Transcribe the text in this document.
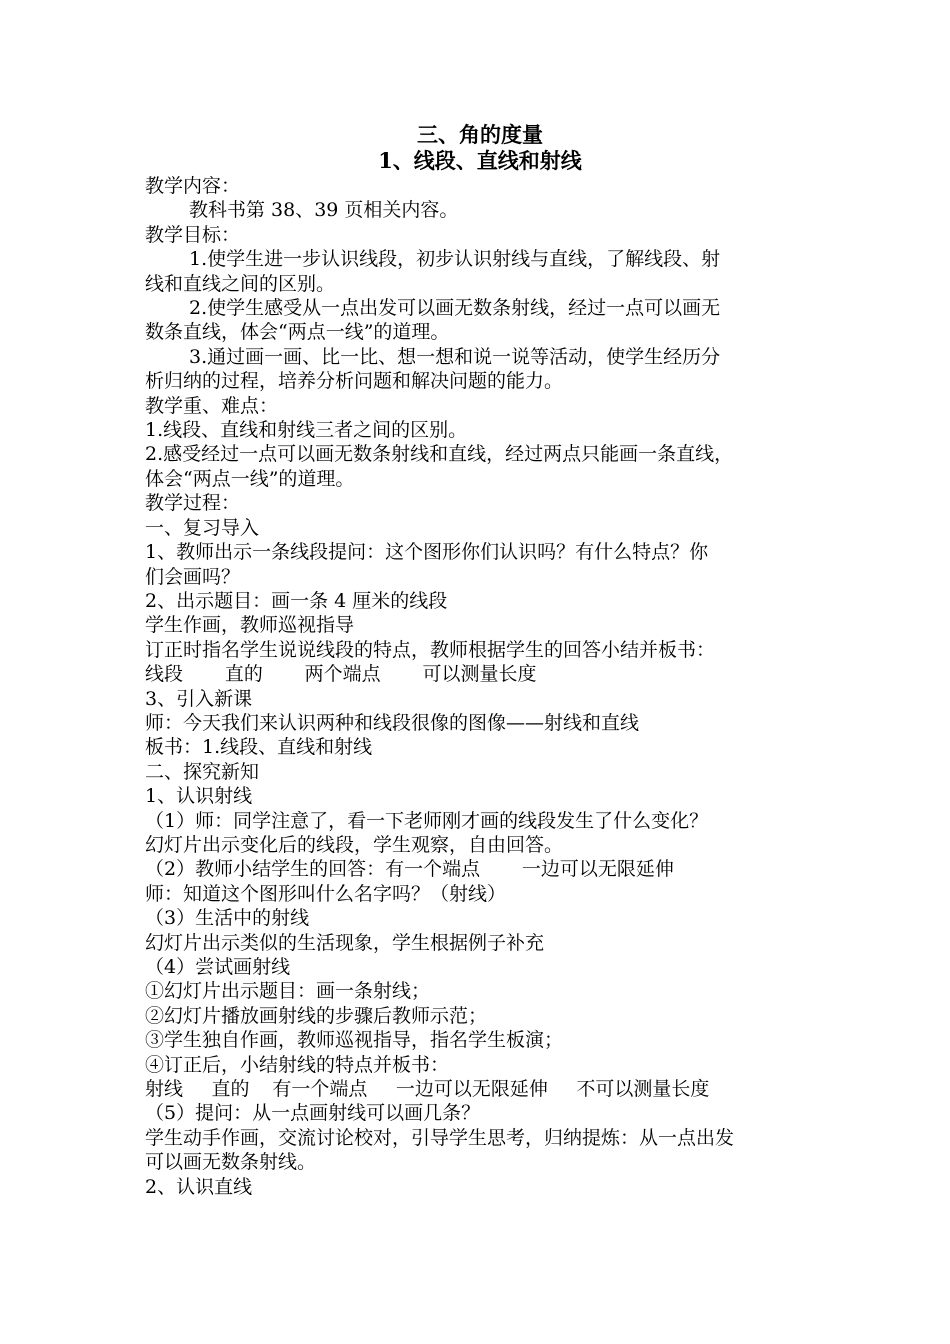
三、角的度量
1、线段、直线和射线

教学内容：

教科书第 38、39 页相关内容。

教学目标：

1.使学生进一步认识线段，初步认识射线与直线，了解线段、射

线和直线之间的区别。

2.使学生感受从一点出发可以画无数条射线，经过一点可以画无

数条直线，体会“两点一线”的道理。

3.通过画一画、比一比、想一想和说一说等活动，使学生经历分

析归纳的过程，培养分析问题和解决问题的能力。

教学重、难点：

1.线段、直线和射线三者之间的区别。

2.感受经过一点可以画无数条射线和直线，经过两点只能画一条直线，

体会“两点一线”的道理。

教学过程：

一、复习导入

1、教师出示一条线段提问：这个图形你们认识吗？有什么特点？你

们会画吗？

2、出示题目：画一条 4 厘米的线段

学生作画，教师巡视指导

订正时指名学生说说线段的特点，教师根据学生的回答小结并板书：

线段 直的 两个端点 可以测量长度

3、引入新课

师：今天我们来认识两种和线段很像的图像——射线和直线

板书：1.线段、直线和射线

二、探究新知

1、认识射线

（1）师：同学注意了，看一下老师刚才画的线段发生了什么变化？

幻灯片出示变化后的线段，学生观察，自由回答。

（2）教师小结学生的回答：有一个端点 一边可以无限延伸

师：知道这个图形叫什么名字吗？（射线）

（3）生活中的射线

幻灯片出示类似的生活现象，学生根据例子补充

（4）尝试画射线

①幻灯片出示题目：画一条射线；

②幻灯片播放画射线的步骤后教师示范；

③学生独自作画，教师巡视指导，指名学生板演；

④订正后，小结射线的特点并板书：

射线 直的 有一个端点 一边可以无限延伸 不可以测量长度

（5）提问：从一点画射线可以画几条？

学生动手作画，交流讨论校对，引导学生思考，归纳提炼：从一点出发

可以画无数条射线。

2、认识直线
